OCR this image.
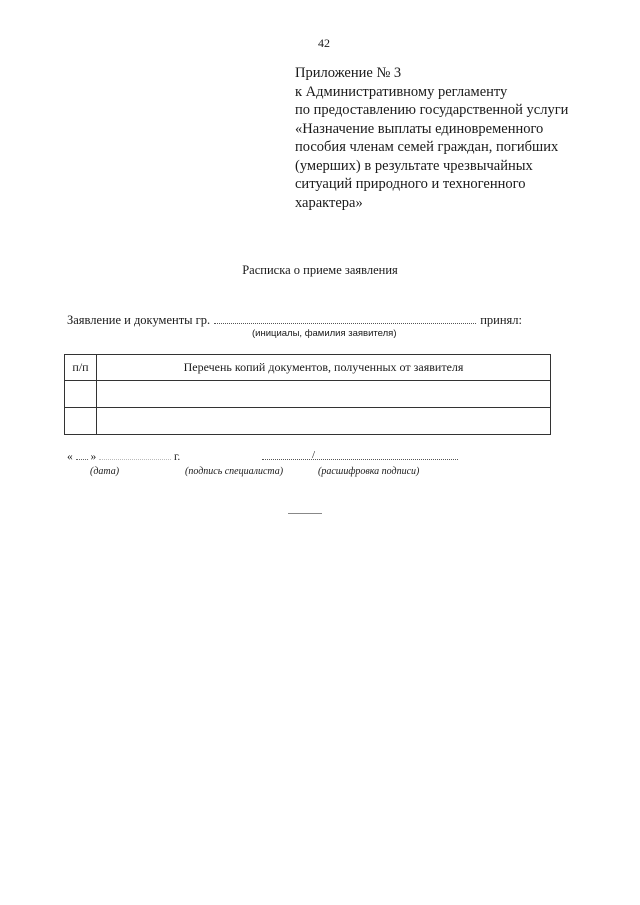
42
Приложение № 3
к Административному регламенту
по предоставлению государственной услуги
«Назначение выплаты единовременного
пособия членам семей граждан, погибших
(умерших) в результате чрезвычайных
ситуаций природного и техногенного
характера»
Расписка о приеме заявления
Заявление и документы гр.	принял:
(инициалы, фамилия заявителя)
п/п	Перечень копий документов, полученных от заявителя

« »	г.	/
(дата)	(подпись специалиста)	(расшифровка подписи)
